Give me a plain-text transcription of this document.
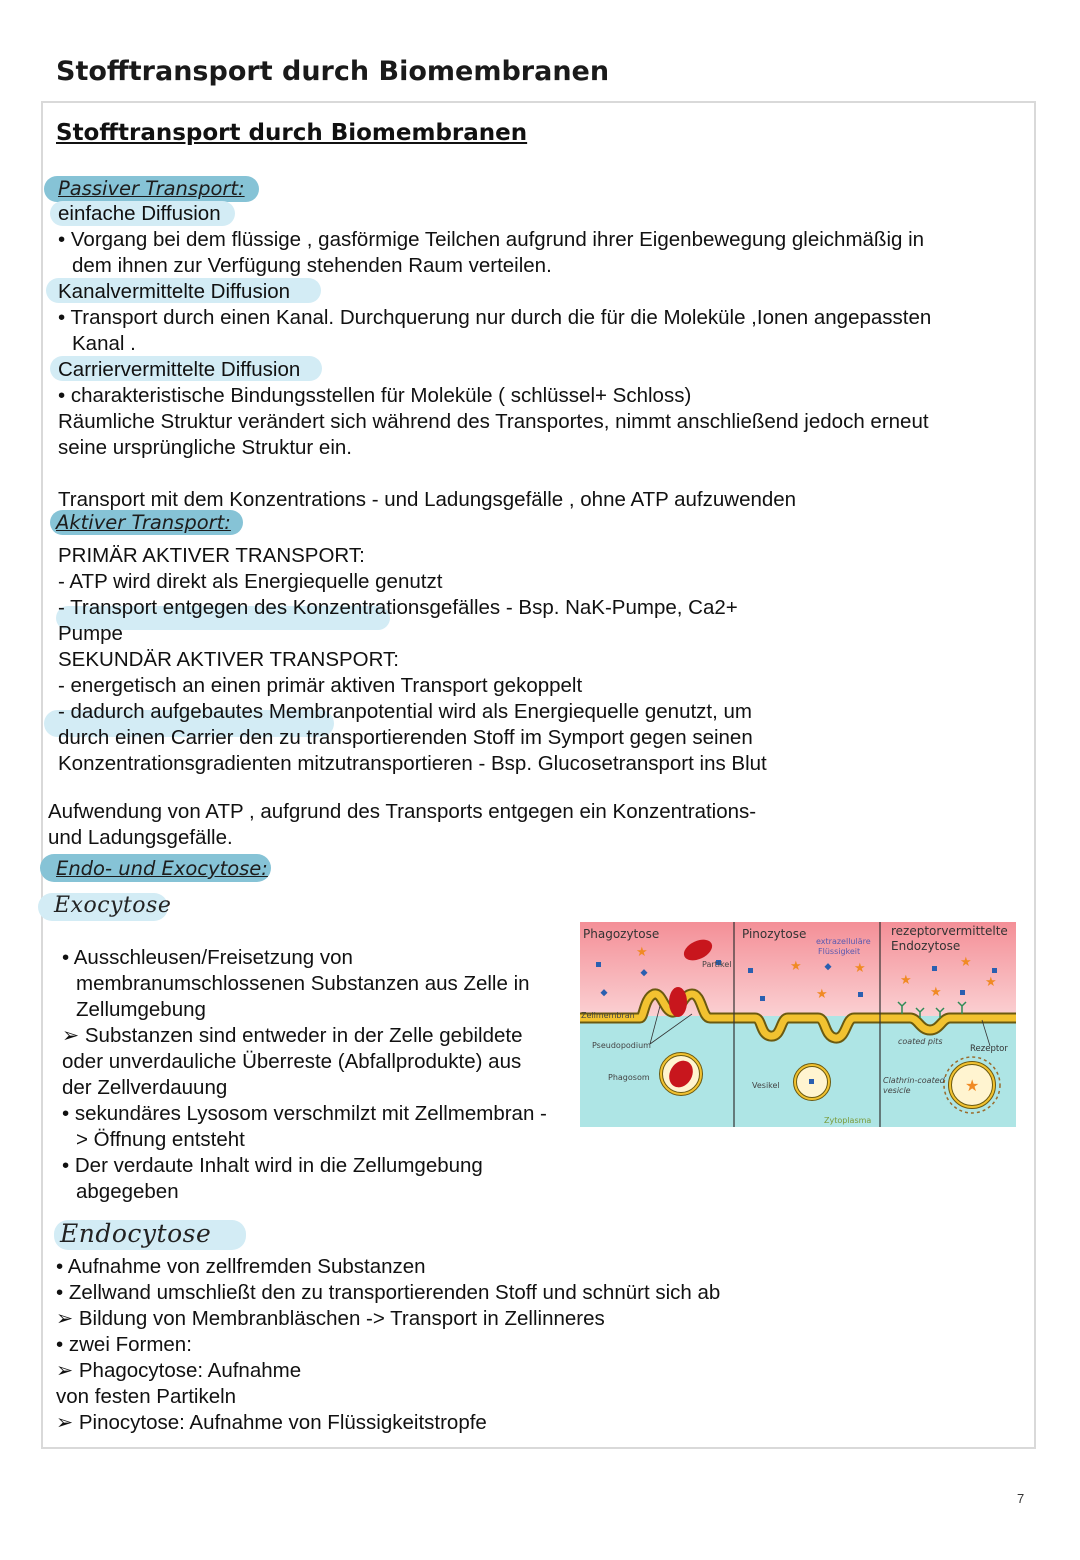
Stofftransport durch Biomembranen
Stofftransport durch Biomembranen
Passiver Transport:
einfache Diffusion
• Vorgang bei dem flüssige , gasförmige Teilchen aufgrund ihrer Eigenbewegung gleichmäßig in
dem ihnen zur Verfügung stehenden Raum verteilen.
Kanalvermittelte Diffusion
• Transport durch einen Kanal. Durchquerung nur durch die für die Moleküle ,Ionen angepassten
Kanal .
Carriervermittelte Diffusion
• charakteristische Bindungsstellen für Moleküle ( schlüssel+ Schloss)
Räumliche Struktur verändert sich während des Transportes, nimmt anschließend jedoch erneut
seine ursprüngliche Struktur ein.
Transport mit dem Konzentrations - und Ladungsgefälle , ohne ATP aufzuwenden
Aktiver Transport:
PRIMÄR AKTIVER TRANSPORT:
- ATP wird direkt als Energiequelle genutzt
- Transport entgegen des Konzentrationsgefälles - Bsp. NaK-Pumpe, Ca2+
Pumpe
SEKUNDÄR AKTIVER TRANSPORT:
- energetisch an einen primär aktiven Transport gekoppelt
- dadurch aufgebautes Membranpotential wird als Energiequelle genutzt, um
durch einen Carrier den zu transportierenden Stoff im Symport gegen seinen
Konzentrationsgradienten mitzutransportieren - Bsp. Glucosetransport ins Blut
Aufwendung von ATP , aufgrund des Transports entgegen ein Konzentrations-
und Ladungsgefälle.
Endo- und Exocytose:
Exocytose
• Ausschleusen/Freisetzung von
membranumschlossenen Substanzen aus Zelle in
Zellumgebung
➢ Substanzen sind entweder in der Zelle gebildete
oder unverdauliche Überreste (Abfallprodukte) aus
der Zellverdauung
• sekundäres Lysosom verschmilzt mit Zellmembran -
> Öffnung entsteht
• Der verdaute Inhalt wird in die Zellumgebung
abgegeben
Endocytose
• Aufnahme von zellfremden Substanzen
• Zellwand umschließt den zu transportierenden Stoff und schnürt sich ab
➢ Bildung von Membranbläschen -> Transport in Zellinneres
• zwei Formen:
➢ Phagocytose: Aufnahme
von festen Partikeln
➢ Pinocytose: Aufnahme von Flüssigkeitstropfe
★
★
★
★
★
★
★
★
★
Phagozytose	Pinozytose	rezeptorvermittelte
Endozytose
Partikel
extrazelluläre
Flüssigkeit
Zellmembran
Pseudopodium
Phagosom
Vesikel
coated pits
Rezeptor
Clathrin-coated
vesicle
Zytoplasma
7
